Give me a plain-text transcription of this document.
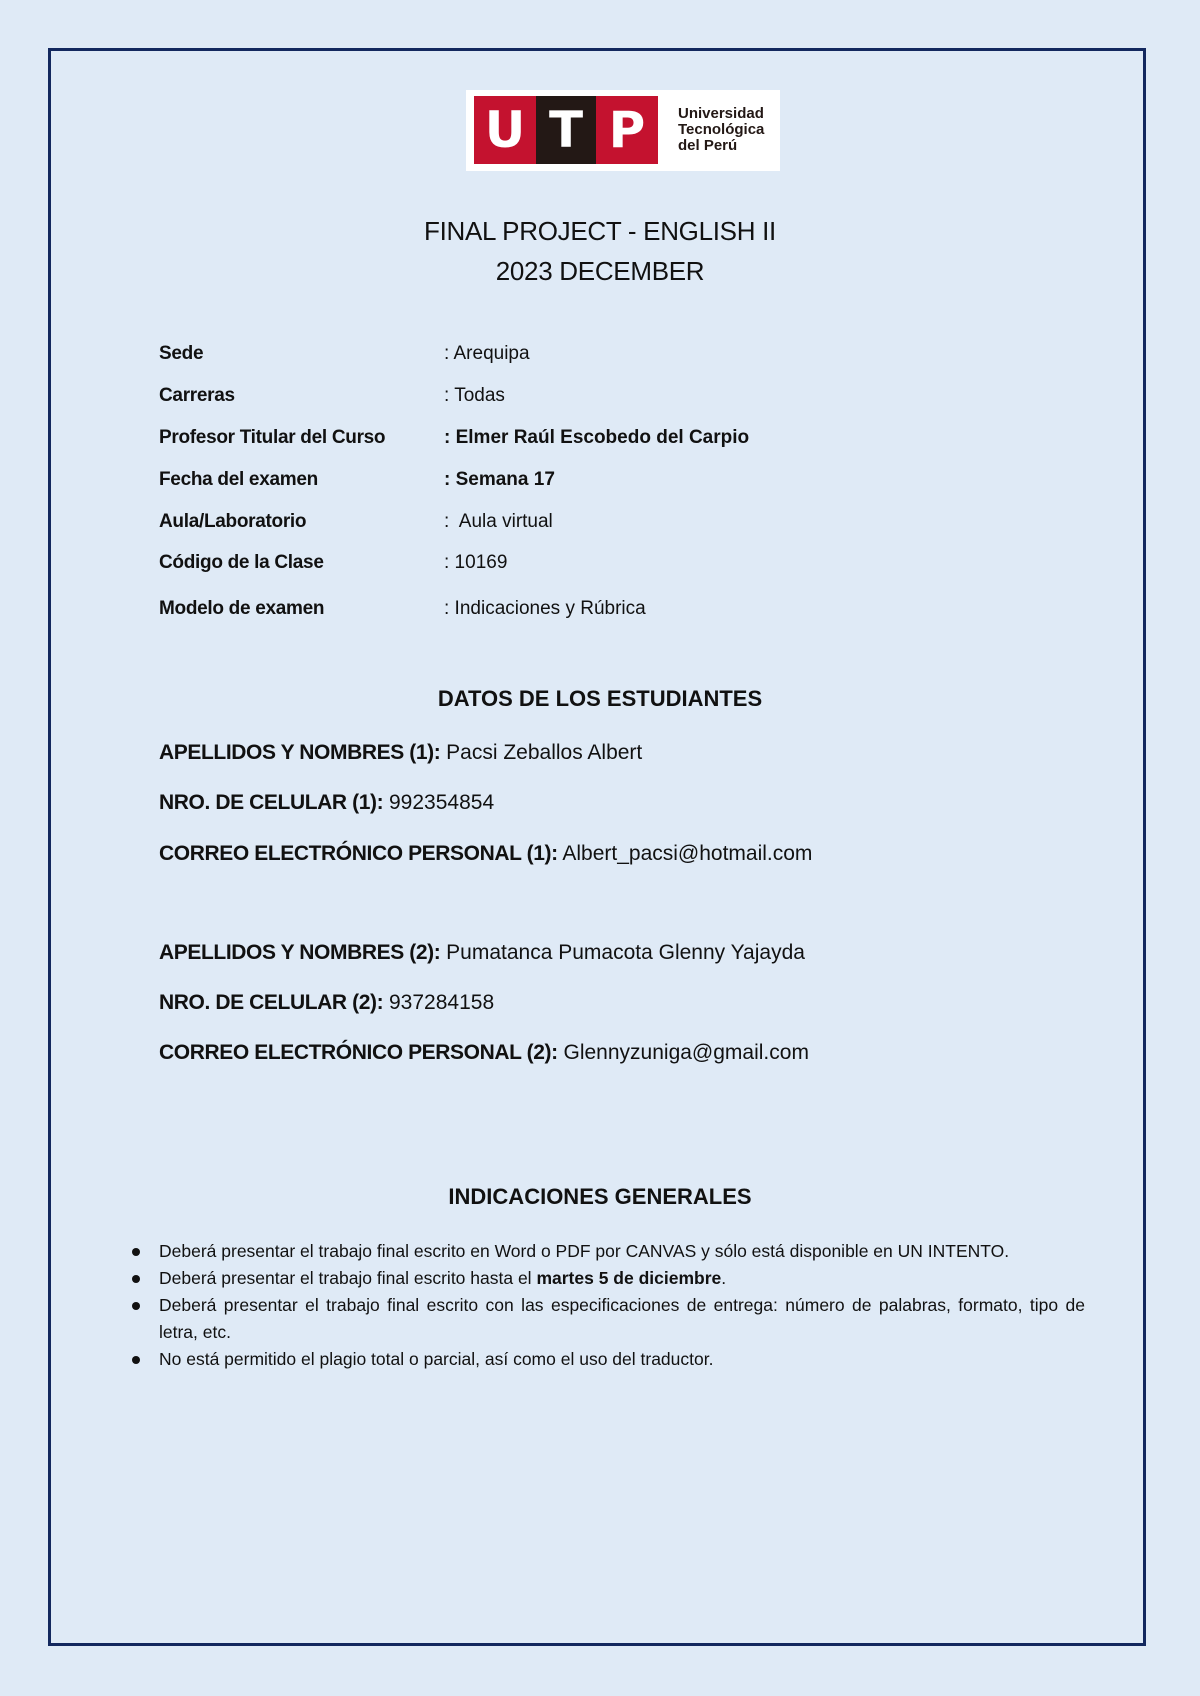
U T P	Universidad
Tecnológica
del Perú
FINAL PROJECT - ENGLISH II
2023 DECEMBER
Sede	: Arequipa
Carreras	: Todas
Profesor Titular del Curso	: Elmer Raúl Escobedo del Carpio
Fecha del examen	: Semana 17
Aula/Laboratorio	:  Aula virtual
Código de la Clase	: 10169
Modelo de examen	: Indicaciones y Rúbrica
DATOS DE LOS ESTUDIANTES
APELLIDOS Y NOMBRES (1): Pacsi Zeballos Albert
NRO. DE CELULAR (1): 992354854
CORREO ELECTRÓNICO PERSONAL (1): Albert_pacsi@hotmail.com
APELLIDOS Y NOMBRES (2): Pumatanca Pumacota Glenny Yajayda
NRO. DE CELULAR (2): 937284158
CORREO ELECTRÓNICO PERSONAL (2): Glennyzuniga@gmail.com
INDICACIONES GENERALES
Deberá presentar el trabajo final escrito en Word o PDF por CANVAS y sólo está disponible en UN INTENTO.
Deberá presentar el trabajo final escrito hasta el martes 5 de diciembre.
Deberá presentar el trabajo final escrito con las especificaciones de entrega: número de palabras, formato, tipo de letra, etc.
No está permitido el plagio total o parcial, así como el uso del traductor.
